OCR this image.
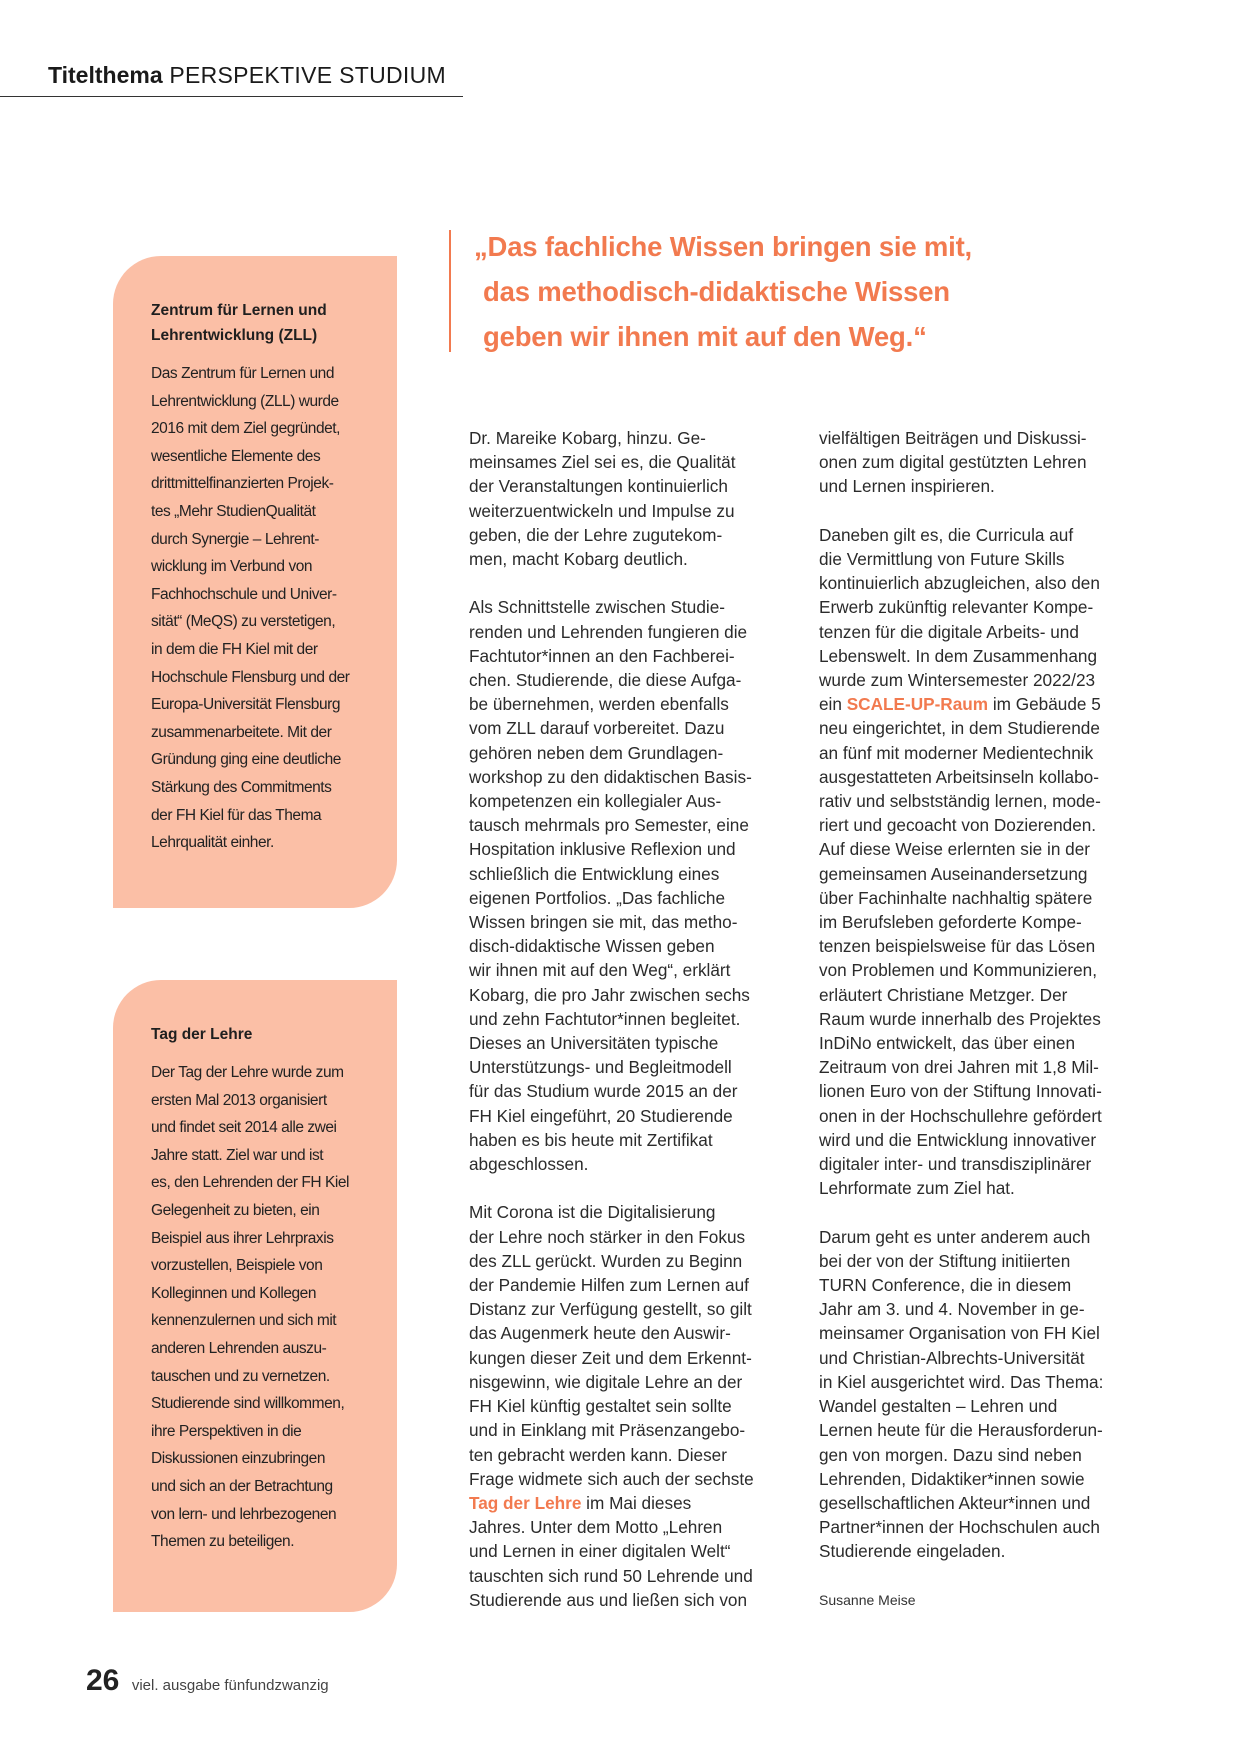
Titelthema PERSPEKTIVE STUDIUM
Zentrum für Lernen und
Lehrentwicklung (ZLL)
Das Zentrum für Lernen und
Lehrentwicklung (ZLL) wurde
2016 mit dem Ziel gegründet,
wesentliche Elemente des
drittmittelfinanzierten Projek-
tes „Mehr StudienQualität
durch Synergie – Lehrent-
wicklung im Verbund von
Fachhochschule und Univer-
sität“ (MeQS) zu verstetigen,
in dem die FH Kiel mit der
Hochschule Flensburg und der
Europa-Universität Flensburg
zusammenarbeitete. Mit der
Gründung ging eine deutliche
Stärkung des Commitments
der FH Kiel für das Thema
Lehrqualität einher.
Tag der Lehre
Der Tag der Lehre wurde zum
ersten Mal 2013 organisiert
und findet seit 2014 alle zwei
Jahre statt. Ziel war und ist
es, den Lehrenden der FH Kiel
Gelegenheit zu bieten, ein
Beispiel aus ihrer Lehrpraxis
vorzustellen, Beispiele von
Kolleginnen und Kollegen
kennenzulernen und sich mit
anderen Lehrenden auszu-
tauschen und zu vernetzen.
Studierende sind willkommen,
ihre Perspektiven in die
Diskussionen einzubringen
und sich an der Betrachtung
von lern- und lehrbezogenen
Themen zu beteiligen.

„Das fachliche Wissen bringen sie mit,
das methodisch-didaktische Wissen
geben wir ihnen mit auf den Weg.“

Dr. Mareike Kobarg, hinzu. Ge-
meinsames Ziel sei es, die Qualität
der Veranstaltungen kontinuierlich
weiterzuentwickeln und Impulse zu
geben, die der Lehre zugutekom-
men, macht Kobarg deutlich.

Als Schnittstelle zwischen Studie-
renden und Lehrenden fungieren die
Fachtutor*innen an den Fachberei-
chen. Studierende, die diese Aufga-
be übernehmen, werden ebenfalls
vom ZLL darauf vorbereitet. Dazu
gehören neben dem Grundlagen-
workshop zu den didaktischen Basis-
kompetenzen ein kollegialer Aus-
tausch mehrmals pro Semester, eine
Hospitation inklusive Reflexion und
schließlich die Entwicklung eines
eigenen Portfolios. „Das fachliche
Wissen bringen sie mit, das metho-
disch-didaktische Wissen geben
wir ihnen mit auf den Weg“, erklärt
Kobarg, die pro Jahr zwischen sechs
und zehn Fachtutor*innen begleitet.
Dieses an Universitäten typische
Unterstützungs- und Begleitmodell
für das Studium wurde 2015 an der
FH Kiel eingeführt, 20 Studierende
haben es bis heute mit Zertifikat
abgeschlossen.

Mit Corona ist die Digitalisierung
der Lehre noch stärker in den Fokus
des ZLL gerückt. Wurden zu Beginn
der Pandemie Hilfen zum Lernen auf
Distanz zur Verfügung gestellt, so gilt
das Augenmerk heute den Auswir-
kungen dieser Zeit und dem Erkennt-
nisgewinn, wie digitale Lehre an der
FH Kiel künftig gestaltet sein sollte
und in Einklang mit Präsenzangebo-
ten gebracht werden kann. Dieser
Frage widmete sich auch der sechste
Tag der Lehre im Mai dieses
Jahres. Unter dem Motto „Lehren
und Lernen in einer digitalen Welt“
tauschten sich rund 50 Lehrende und
Studierende aus und ließen sich von

vielfältigen Beiträgen und Diskussi-
onen zum digital gestützten Lehren
und Lernen inspirieren.

Daneben gilt es, die Curricula auf
die Vermittlung von Future Skills
kontinuierlich abzugleichen, also den
Erwerb zukünftig relevanter Kompe-
tenzen für die digitale Arbeits- und
Lebenswelt. In dem Zusammenhang
wurde zum Wintersemester 2022/23
ein SCALE-UP-Raum im Gebäude 5
neu eingerichtet, in dem Studierende
an fünf mit moderner Medientechnik
ausgestatteten Arbeitsinseln kollabo-
rativ und selbstständig lernen, mode-
riert und gecoacht von Dozierenden.
Auf diese Weise erlernten sie in der
gemeinsamen Auseinandersetzung
über Fachinhalte nachhaltig spätere
im Berufsleben geforderte Kompe-
tenzen beispielsweise für das Lösen
von Problemen und Kommunizieren,
erläutert Christiane Metzger. Der
Raum wurde innerhalb des Projektes
InDiNo entwickelt, das über einen
Zeitraum von drei Jahren mit 1,8 Mil-
lionen Euro von der Stiftung Innovati-
onen in der Hochschullehre gefördert
wird und die Entwicklung innovativer
digitaler inter- und transdisziplinärer
Lehrformate zum Ziel hat.

Darum geht es unter anderem auch
bei der von der Stiftung initiierten
TURN Conference, die in diesem
Jahr am 3. und 4. November in ge-
meinsamer Organisation von FH Kiel
und Christian-Albrechts-Universität
in Kiel ausgerichtet wird. Das Thema:
Wandel gestalten – Lehren und
Lernen heute für die Herausforderun-
gen von morgen. Dazu sind neben
Lehrenden, Didaktiker*innen sowie
gesellschaftlichen Akteur*innen und
Partner*innen der Hochschulen auch
Studierende eingeladen.

Susanne Meise
26 viel. ausgabe fünfundzwanzig
